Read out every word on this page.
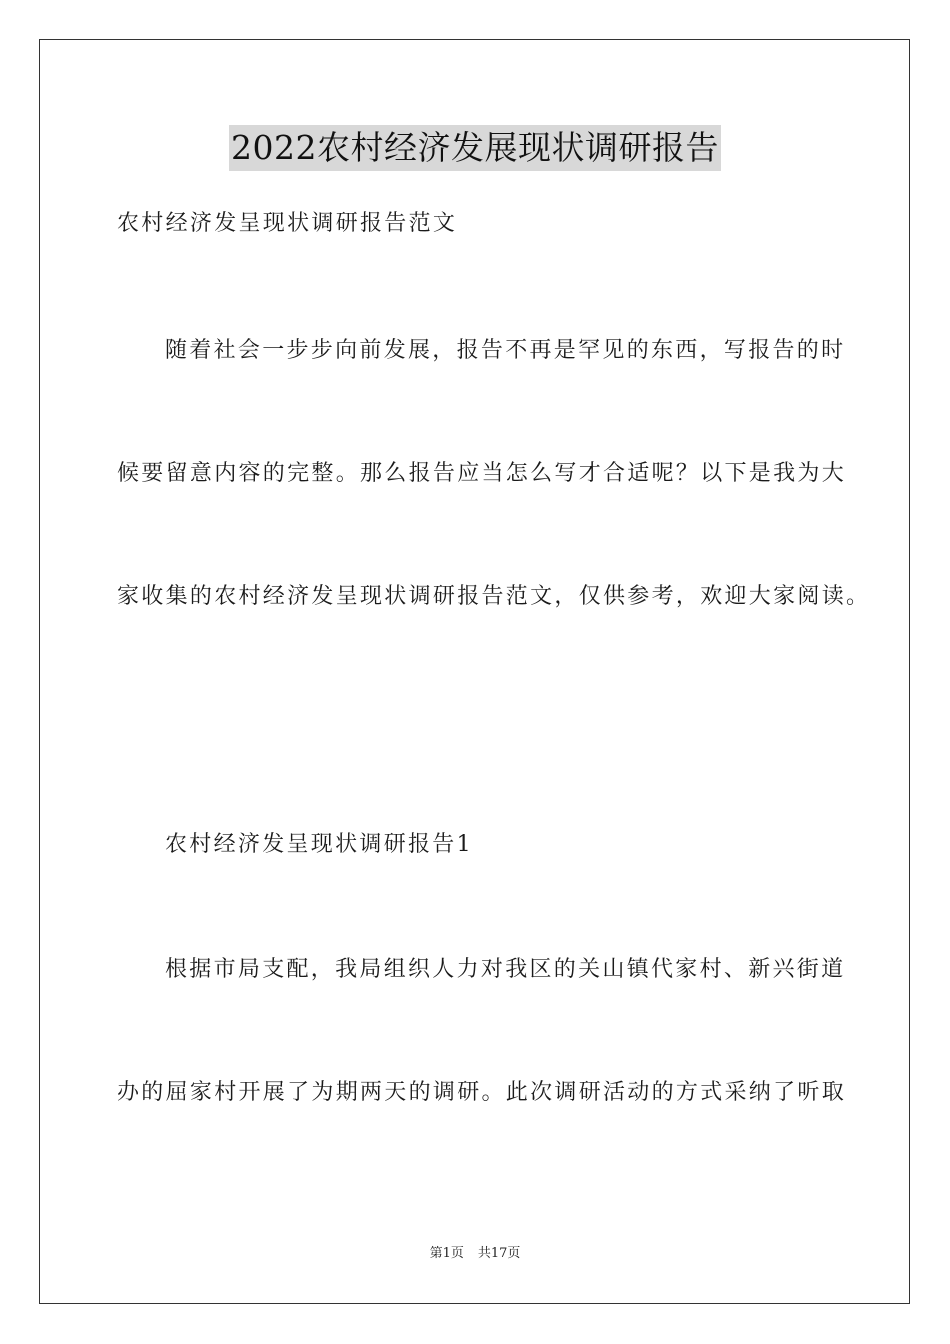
2022农村经济发展现状调研报告
农村经济发呈现状调研报告范文
随着社会一步步向前发展，报告不再是罕见的东西，写报告的时
候要留意内容的完整。那么报告应当怎么写才合适呢？以下是我为大
家收集的农村经济发呈现状调研报告范文，仅供参考，欢迎大家阅读。
农村经济发呈现状调研报告1
根据市局支配，我局组织人力对我区的关山镇代家村、新兴街道
办的屈家村开展了为期两天的调研。此次调研活动的方式采纳了听取
第1页 共17页
